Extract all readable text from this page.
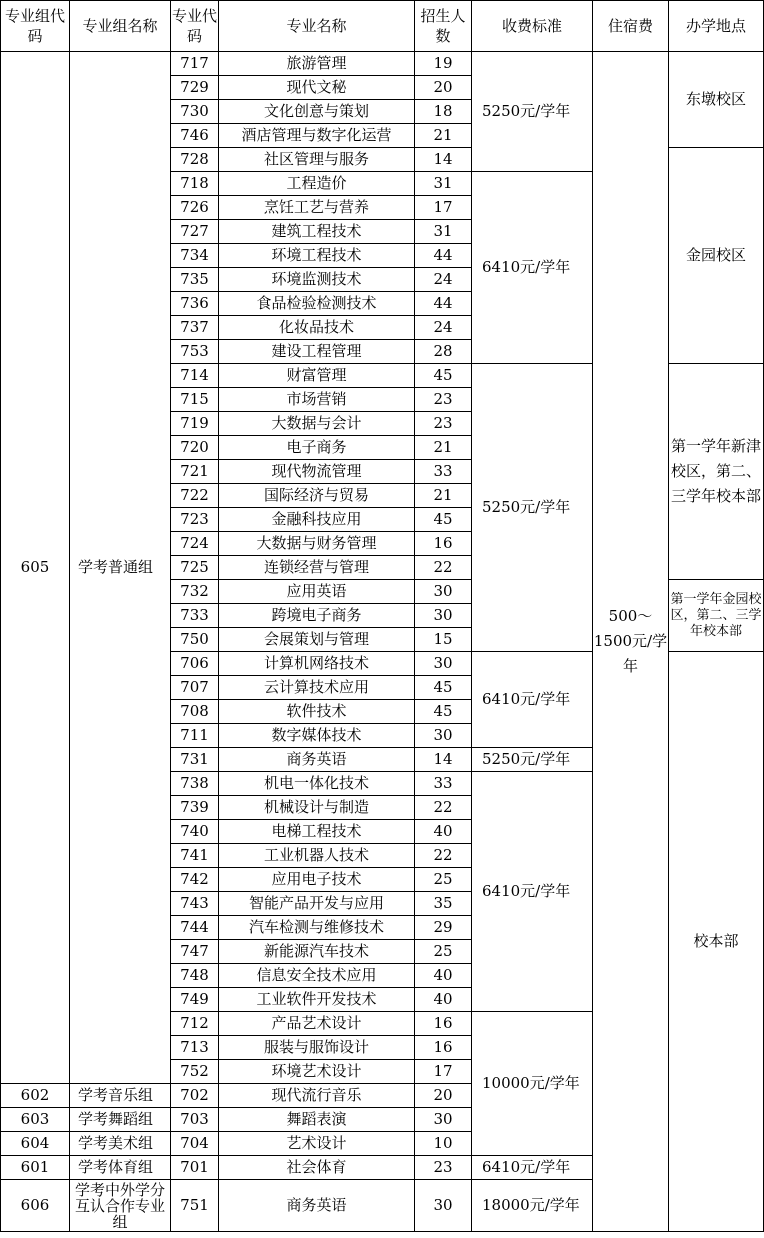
专业组代码	专业组名称	专业代码	专业名称	招生人数	收费标准	住宿费	办学地点
605	学考普通组	717	旅游管理	19	5250元/学年	500～1500元/学年	东墩校区
		729	现代文秘	20			
		730	文化创意与策划	18			
		746	酒店管理与数字化运营	21			
		728	社区管理与服务	14			金园校区
		718	工程造价	31	6410元/学年		
		726	烹饪工艺与营养	17			
		727	建筑工程技术	31			
		734	环境工程技术	44			
		735	环境监测技术	24			
		736	食品检验检测技术	44			
		737	化妆品技术	24			
		753	建设工程管理	28			
		714	财富管理	45	5250元/学年		第一学年新津校区，第二、三学年校本部
		715	市场营销	23			
		719	大数据与会计	23			
		720	电子商务	21			
		721	现代物流管理	33			
		722	国际经济与贸易	21			
		723	金融科技应用	45			
		724	大数据与财务管理	16			
		725	连锁经营与管理	22			
		732	应用英语	30			第一学年金园校区，第二、三学年校本部
		733	跨境电子商务	30			
		750	会展策划与管理	15			
		706	计算机网络技术	30	6410元/学年		校本部
		707	云计算技术应用	45			
		708	软件技术	45			
		711	数字媒体技术	30			
		731	商务英语	14	5250元/学年		
		738	机电一体化技术	33	6410元/学年		
		739	机械设计与制造	22			
		740	电梯工程技术	40			
		741	工业机器人技术	22			
		742	应用电子技术	25			
		743	智能产品开发与应用	35			
		744	汽车检测与维修技术	29			
		747	新能源汽车技术	25			
		748	信息安全技术应用	40			
		749	工业软件开发技术	40			
		712	产品艺术设计	16	10000元/学年		
		713	服装与服饰设计	16			
		752	环境艺术设计	17			
602	学考音乐组	702	现代流行音乐	20			
603	学考舞蹈组	703	舞蹈表演	30			
604	学考美术组	704	艺术设计	10			
601	学考体育组	701	社会体育	23	6410元/学年		
606	学考中外学分互认合作专业组	751	商务英语	30	18000元/学年		
